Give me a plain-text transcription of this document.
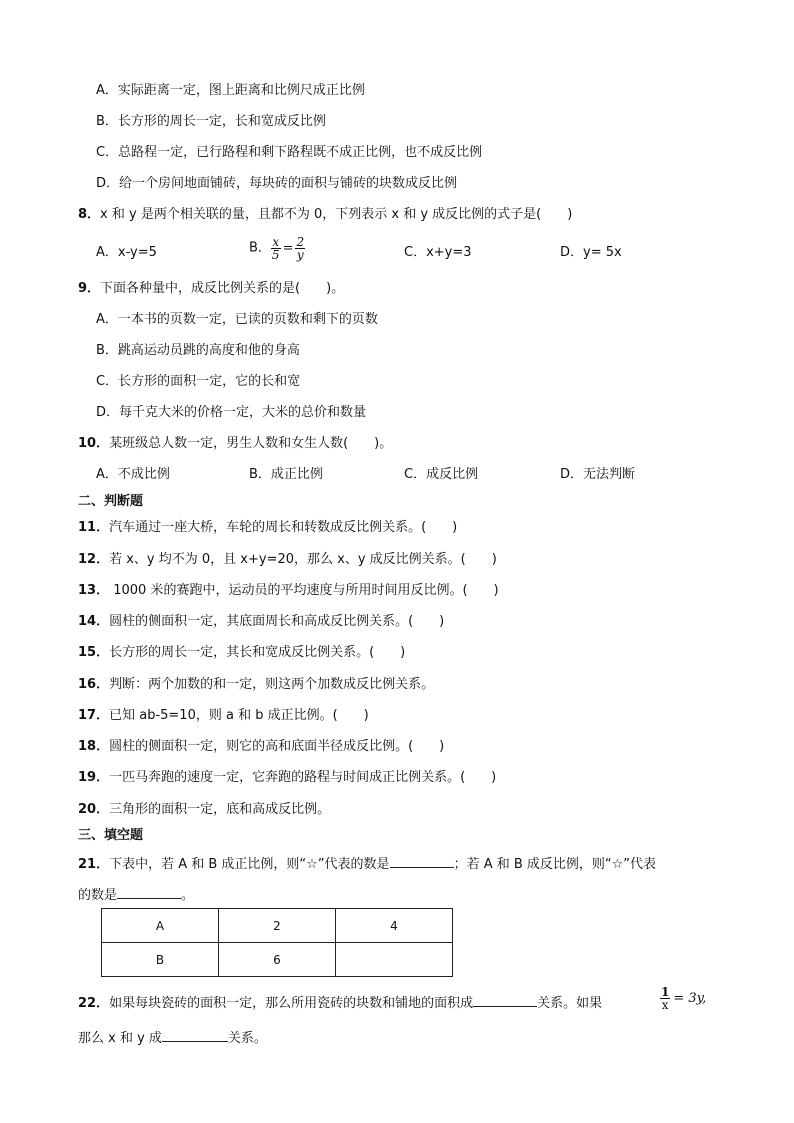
A．实际距离一定，图上距离和比例尺成正比例
B．长方形的周长一定，长和宽成反比例
C．总路程一定，已行路程和剩下路程既不成正比例，也不成反比例
D．给一个房间地面铺砖，每块砖的面积与铺砖的块数成反比例
8．x 和 y 是两个相关联的量，且都不为 0，下列表示 x 和 y 成反比例的式子是(　　)
A．x-y=5	B． $\frac{x}{5} = \frac{2}{y}$	C．x+y=3	D．y= 5x
9．下面各种量中，成反比例关系的是(　　)。
A．一本书的页数一定，已读的页数和剩下的页数
B．跳高运动员跳的高度和他的身高
C．长方形的面积一定，它的长和宽
D．每千克大米的价格一定，大米的总价和数量
10．某班级总人数一定，男生人数和女生人数(　　)。
A．不成比例	B．成正比例	C．成反比例	D．无法判断
二、判断题
11．汽车通过一座大桥，车轮的周长和转数成反比例关系。(　　)
12．若 x、y 均不为 0，且 x+y=20，那么 x、y 成反比例关系。(　　)
13． 1000 米的赛跑中，运动员的平均速度与所用时间用反比例。(　　)
14．圆柱的侧面积一定，其底面周长和高成反比例关系。(　　)
15．长方形的周长一定，其长和宽成反比例关系。(　　)
16．判断：两个加数的和一定，则这两个加数成反比例关系。
17．已知 ab-5=10，则 a 和 b 成正比例。(　　)
18．圆柱的侧面积一定，则它的高和底面半径成反比例。(　　)
19．一匹马奔跑的速度一定，它奔跑的路程与时间成正比例关系。(　　)
20．三角形的面积一定，底和高成反比例。
三、填空题
21．下表中，若 A 和 B 成正比例，则“☆”代表的数是	；若 A 和 B 成反比例，则“☆”代表
的数是	。
A	2	4
B	6	
22．如果每块瓷砖的面积一定，那么所用瓷砖的块数和铺地的面积成	关系。如果	$\frac{1}{x} = 3y$,
那么 x 和 y 成	关系。
